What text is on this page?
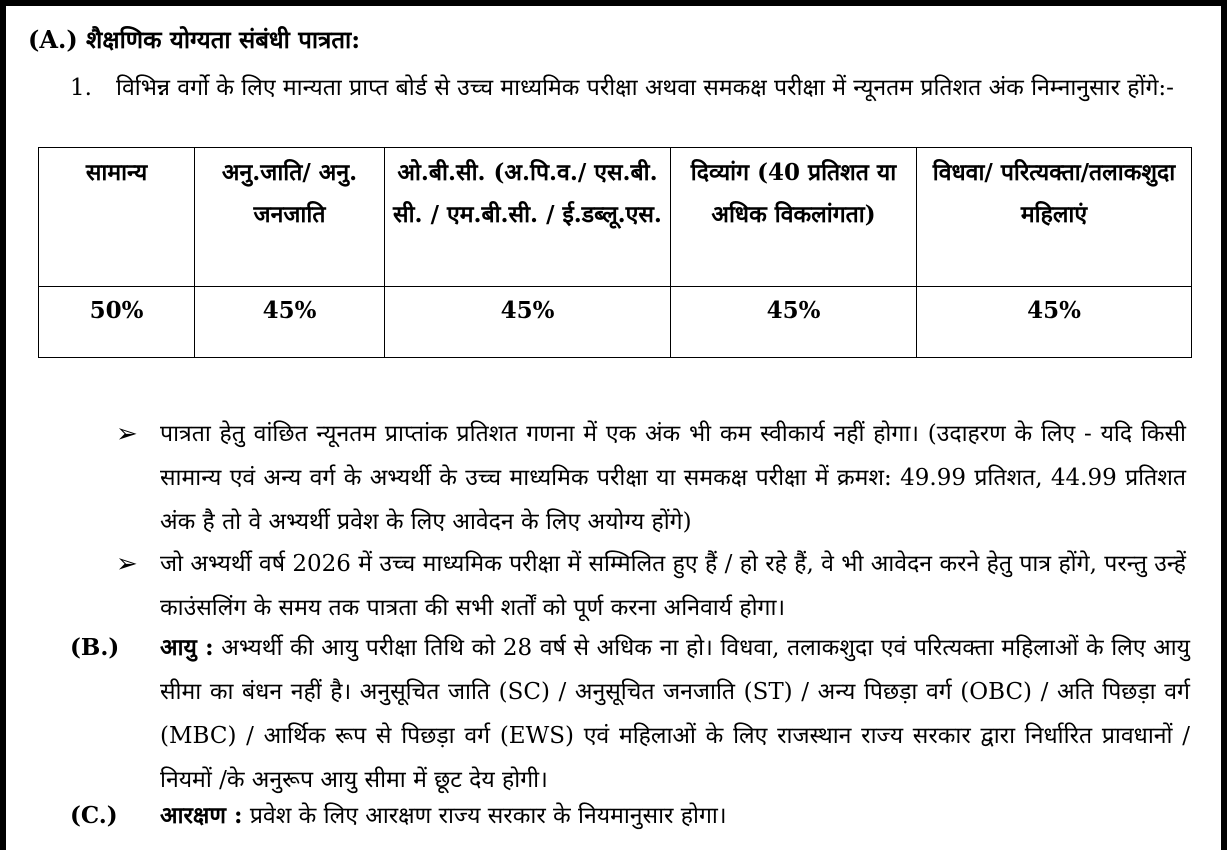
(A.) शैक्षणिक योग्यता संबंधी पात्रता:
1. विभिन्न वर्गो के लिए मान्यता प्राप्त बोर्ड से उच्च माध्यमिक परीक्षा अथवा समकक्ष परीक्षा में न्यूनतम प्रतिशत अंक निम्नानुसार होंगे:-
सामान्य	अनु.जाति/ अनु. जनजाति	ओ.बी.सी. (अ.पि.व./ एस.बी. सी. / एम.बी.सी. / ई.डब्लू.एस.	दिव्यांग (40 प्रतिशत या अधिक विकलांगता)	विधवा/ परित्यक्ता/तलाकशुदा महिलाएं
50%	45%	45%	45%	45%
➢ पात्रता हेतु वांछित न्यूनतम प्राप्तांक प्रतिशत गणना में एक अंक भी कम स्वीकार्य नहीं होगा। (उदाहरण के लिए - यदि किसी सामान्य एवं अन्य वर्ग के अभ्यर्थी के उच्च माध्यमिक परीक्षा या समकक्ष परीक्षा में क्रमश: 49.99 प्रतिशत, 44.99 प्रतिशत अंक है तो वे अभ्यर्थी प्रवेश के लिए आवेदन के लिए अयोग्य होंगे)
➢ जो अभ्यर्थी वर्ष 2026 में उच्च माध्यमिक परीक्षा में सम्मिलित हुए हैं / हो रहे हैं, वे भी आवेदन करने हेतु पात्र होंगे, परन्तु उन्हें काउंसलिंग के समय तक पात्रता की सभी शर्तों को पूर्ण करना अनिवार्य होगा।
(B.) आयु : अभ्यर्थी की आयु परीक्षा तिथि को 28 वर्ष से अधिक ना हो। विधवा, तलाकशुदा एवं परित्यक्ता महिलाओं के लिए आयु सीमा का बंधन नहीं है। अनुसूचित जाति (SC) / अनुसूचित जनजाति (ST) / अन्य पिछड़ा वर्ग (OBC) / अति पिछड़ा वर्ग (MBC) / आर्थिक रूप से पिछड़ा वर्ग (EWS) एवं महिलाओं के लिए राजस्थान राज्य सरकार द्वारा निर्धारित प्रावधानों / नियमों /के अनुरूप आयु सीमा में छूट देय होगी।
(C.) आरक्षण : प्रवेश के लिए आरक्षण राज्य सरकार के नियमानुसार होगा।
